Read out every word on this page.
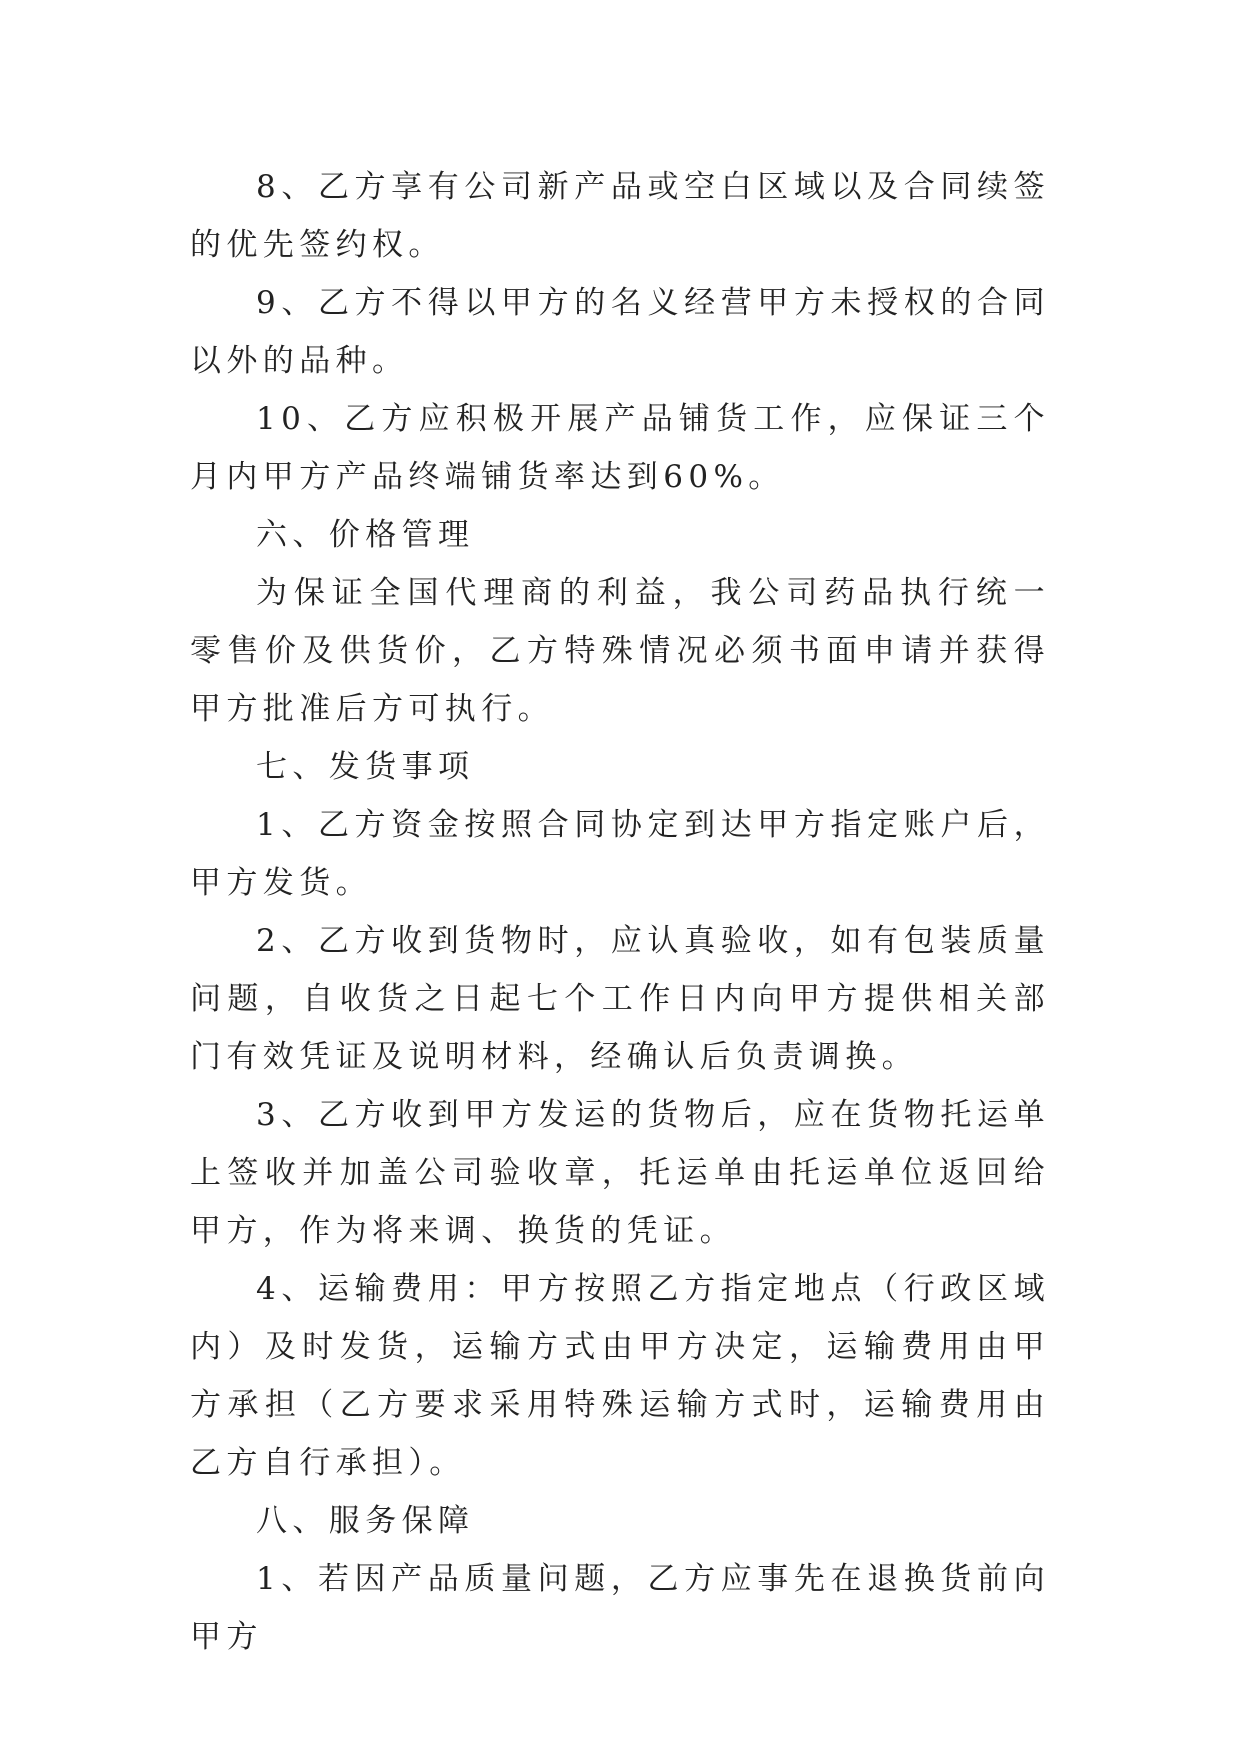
8、乙方享有公司新产品或空白区域以及合同续签的优先签约权。

9、乙方不得以甲方的名义经营甲方未授权的合同以外的品种。

10、乙方应积极开展产品铺货工作，应保证三个月内甲方产品终端铺货率达到60%。

六、价格管理

为保证全国代理商的利益，我公司药品执行统一零售价及供货价，乙方特殊情况必须书面申请并获得甲方批准后方可执行。

七、发货事项

1、乙方资金按照合同协定到达甲方指定账户后，甲方发货。

2、乙方收到货物时，应认真验收，如有包装质量问题，自收货之日起七个工作日内向甲方提供相关部门有效凭证及说明材料，经确认后负责调换。

3、乙方收到甲方发运的货物后，应在货物托运单上签收并加盖公司验收章，托运单由托运单位返回给甲方，作为将来调、换货的凭证。

4、运输费用：甲方按照乙方指定地点（行政区域内）及时发货，运输方式由甲方决定，运输费用由甲方承担（乙方要求采用特殊运输方式时，运输费用由乙方自行承担）。

八、服务保障

1、若因产品质量问题，乙方应事先在退换货前向甲方
